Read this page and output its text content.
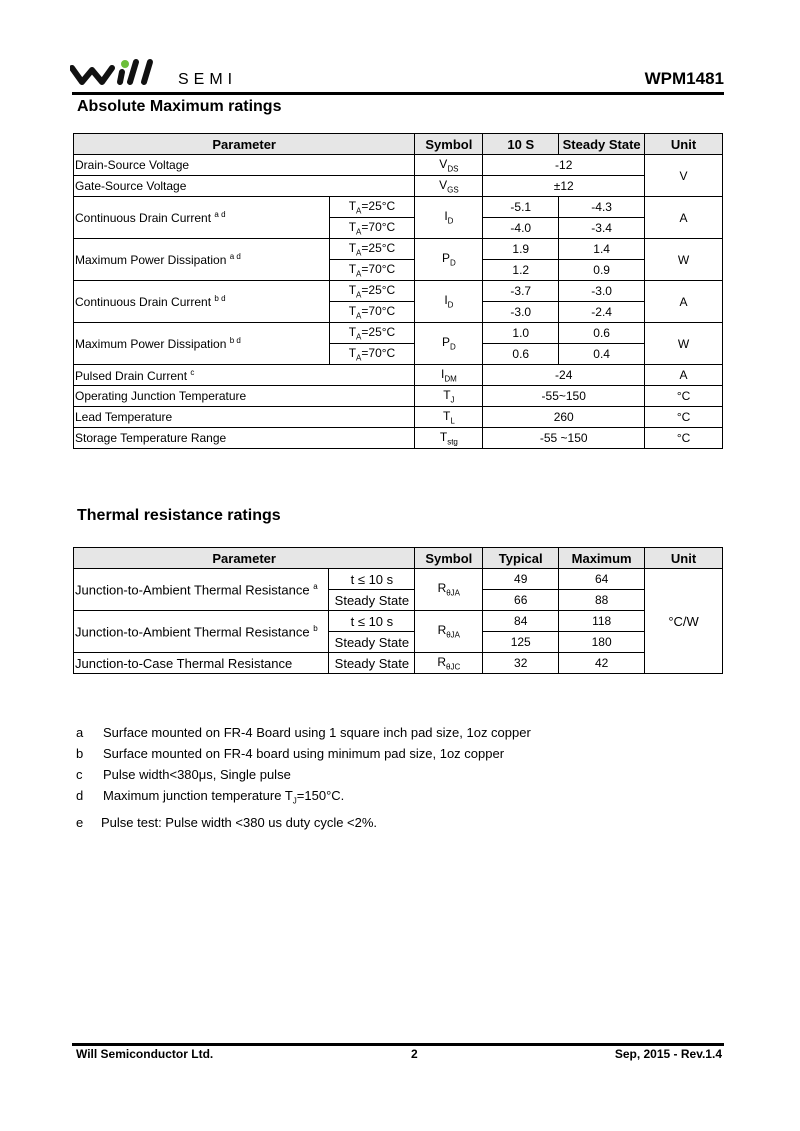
SEMI	WPM1481
Absolute Maximum ratings
Parameter		Symbol	10 S	Steady State	Unit
Drain-Source Voltage		$V_{DS}$	-12		V
Gate-Source Voltage		$V_{GS}$	±12		
Continuous Drain Current $^{a d}$	$T_A=25^\circ C$	$I_D$	-5.1	-4.3	A
	$T_A=70^\circ C$		-4.0	-3.4	
Maximum Power Dissipation $^{a d}$	$T_A=25^\circ C$	$P_D$	1.9	1.4	W
	$T_A=70^\circ C$		1.2	0.9	
Continuous Drain Current $^{b d}$	$T_A=25^\circ C$	$I_D$	-3.7	-3.0	A
	$T_A=70^\circ C$		-3.0	-2.4	
Maximum Power Dissipation $^{b d}$	$T_A=25^\circ C$	$P_D$	1.0	0.6	W
	$T_A=70^\circ C$		0.6	0.4	
Pulsed Drain Current $^c$		$I_{DM}$	-24		A
Operating Junction Temperature		$T_J$	-55~150		°C
Lead Temperature		$T_L$	260		°C
Storage Temperature Range		$T_{stg}$	-55 ~150		°C
Thermal resistance ratings
Parameter		Symbol	Typical	Maximum	Unit
Junction-to-Ambient Thermal Resistance $^a$	t ≤ 10 s	$R_{\theta JA}$	49	64	°C/W
	Steady State		66	88	
Junction-to-Ambient Thermal Resistance $^b$	t ≤ 10 s	$R_{\theta JA}$	84	118	
	Steady State		125	180	
Junction-to-Case Thermal Resistance	Steady State	$R_{\theta JC}$	32	42	
a	Surface mounted on FR-4 Board using 1 square inch pad size, 1oz copper
b	Surface mounted on FR-4 board using minimum pad size, 1oz copper
c	Pulse width<380μs, Single pulse
d	Maximum junction temperature $T_J=150^\circ C$.
e	Pulse test: Pulse width <380 us duty cycle <2%.
Will Semiconductor Ltd.	2	Sep, 2015 - Rev.1.4
